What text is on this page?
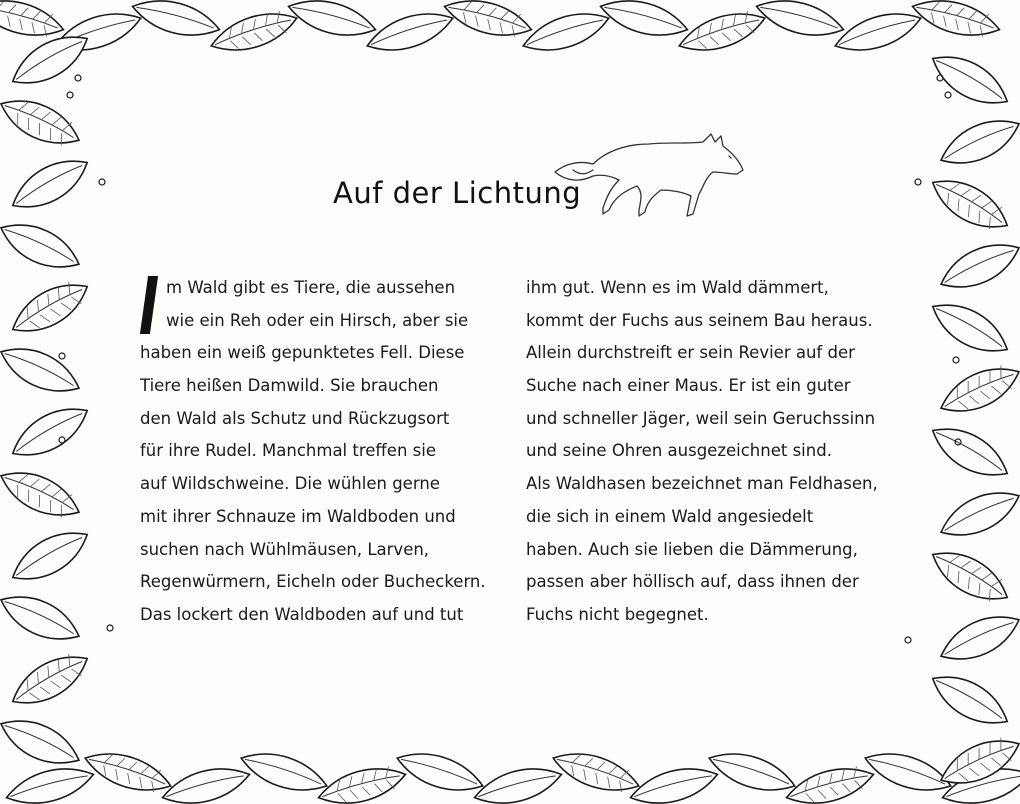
Auf der Lichtung
m Wald gibt es Tiere, die aussehen
wie ein Reh oder ein Hirsch, aber sie
haben ein weiß gepunktetes Fell. Diese
Tiere heißen Damwild. Sie brauchen
den Wald als Schutz und Rückzugsort
für ihre Rudel. Manchmal treffen sie
auf Wildschweine. Die wühlen gerne
mit ihrer Schnauze im Waldboden und
suchen nach Wühlmäusen, Larven,
Regenwürmern, Eicheln oder Bucheckern.
Das lockert den Waldboden auf und tut
ihm gut. Wenn es im Wald dämmert,
kommt der Fuchs aus seinem Bau heraus.
Allein durchstreift er sein Revier auf der
Suche nach einer Maus. Er ist ein guter
und schneller Jäger, weil sein Geruchssinn
und seine Ohren ausgezeichnet sind.
Als Waldhasen bezeichnet man Feldhasen,
die sich in einem Wald angesiedelt
haben. Auch sie lieben die Dämmerung,
passen aber höllisch auf, dass ihnen der
Fuchs nicht begegnet.
